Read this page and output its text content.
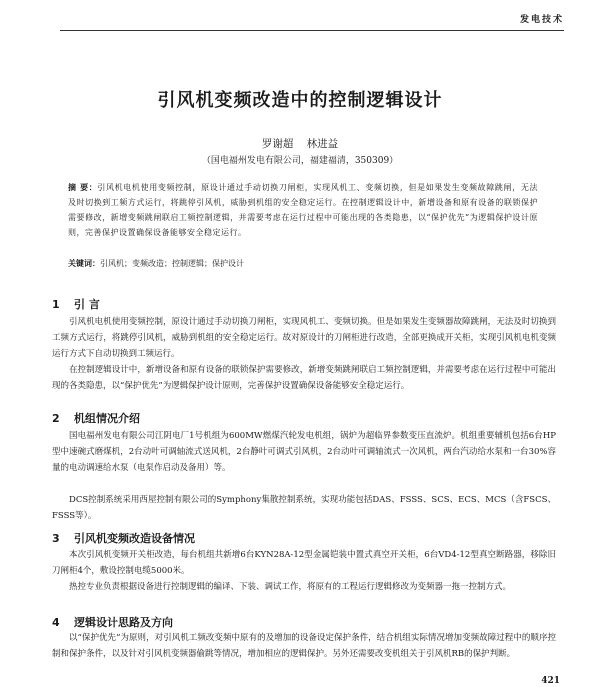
发电技术
引风机变频改造中的控制逻辑设计
罗谢超 林进益
（国电福州发电有限公司，福建福清，350309）
摘 要：引风机电机使用变频控制，原设计通过手动切换刀闸柜，实现风机工、变频切换，但是如果发生变频故障跳闸，无法及时切换到工频方式运行，将跳停引风机，威胁到机组的安全稳定运行。在控制逻辑设计中，新增设备和原有设备的联锁保护需要修改，新增变频跳闸联启工频控制逻辑，并需要考虑在运行过程中可能出现的各类隐患，以“保护优先”为逻辑保护设计原则，完善保护设置确保设备能够安全稳定运行。
关键词：引风机；变频改造；控制逻辑；保护设计
1 引 言

引风机电机使用变频控制，原设计通过手动切换刀闸柜，实现风机工、变频切换。但是如果发生变频器故障跳闸，无法及时切换到工频方式运行，将跳停引风机，威胁到机组的安全稳定运行。故对原设计的刀闸柜进行改造，全部更换成开关柜，实现引风机电机变频运行方式下自动切换到工频运行。

在控制逻辑设计中，新增设备和原有设备的联锁保护需要修改，新增变频跳闸联启工频控制逻辑，并需要考虑在运行过程中可能出现的各类隐患，以“保护优先”为逻辑保护设计原则，完善保护设置确保设备能够安全稳定运行。

2 机组情况介绍

国电福州发电有限公司江阴电厂1号机组为600MW燃煤汽轮发电机组，锅炉为超临界参数变压直流炉。机组重要辅机包括6台HP型中速碗式磨煤机，2台动叶可调轴流式送风机，2台静叶可调式引风机，2台动叶可调轴流式一次风机，两台汽动给水泵和一台30%容量的电动调速给水泵（电泵作启动及备用）等。

DCS控制系统采用西屋控制有限公司的Symphony集散控制系统，实现功能包括DAS、FSSS、SCS、ECS、MCS（含FSCS、FSSS等）。

3 引风机变频改造设备情况

本次引风机变频开关柜改造，每台机组共新增6台KYN28A-12型金属铠装中置式真空开关柜，6台VD4-12型真空断路器，移除旧刀闸柜4个，敷设控制电缆5000米。

热控专业负责根据设备进行控制逻辑的编译、下装、调试工作，将原有的工程运行逻辑修改为变频器一拖一控制方式。

4 逻辑设计思路及方向

以“保护优先”为原则，对引风机工频改变频中原有的及增加的设备设定保护条件，结合机组实际情况增加变频故障过程中的顺序控制和保护条件，以及针对引风机变频器偷跳等情况，增加相应的逻辑保护。另外还需要改变机组关于引风机RB的保护判断。

421
